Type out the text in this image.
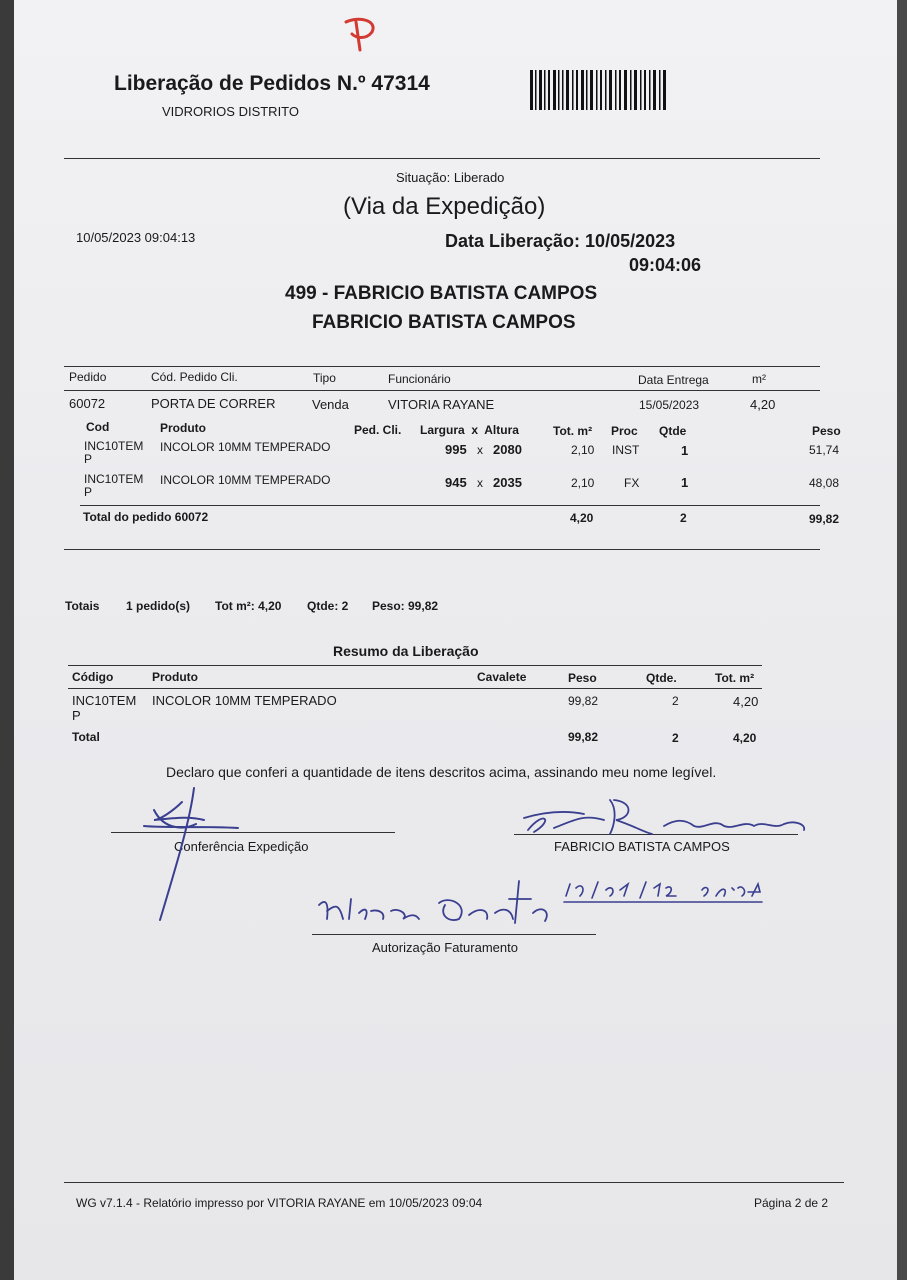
Liberação de Pedidos N.º 47314
VIDRORIOS DISTRITO
Situação: Liberado
(Via da Expedição)
10/05/2023 09:04:13	Data Liberação: 10/05/2023
09:04:06
499 - FABRICIO BATISTA CAMPOS
FABRICIO BATISTA CAMPOS
Pedido	Cód. Pedido Cli.	Tipo	Funcionário	Data Entrega	m²
60072	PORTA DE CORRER	Venda	VITORIA RAYANE	15/05/2023	4,20
Cod	Produto	Ped. Cli. Largura  x  Altura	Tot. m² Proc Qtde	Peso
INC10TEM
P
INCOLOR 10MM TEMPERADO	995 x 2080	2,10 INST	1	51,74
INC10TEM
P
INCOLOR 10MM TEMPERADO	945 x 2035	2,10 FX	1	48,08
Total do pedido 60072	4,20	2	99,82
Totais 1 pedido(s) Tot m²: 4,20 Qtde: 2 Peso: 99,82
Resumo da Liberação
Código	Produto	Cavalete	Peso	Qtde.	Tot. m²
INC10TEM
P
INCOLOR 10MM TEMPERADO	99,82	2	4,20
Total	99,82	2	4,20
Declaro que conferi a quantidade de itens descritos acima, assinando meu nome legível.
Conferência Expedição	FABRICIO BATISTA CAMPOS
Autorização Faturamento
WG v7.1.4 - Relatório impresso por VITORIA RAYANE em 10/05/2023 09:04	Página 2 de 2
